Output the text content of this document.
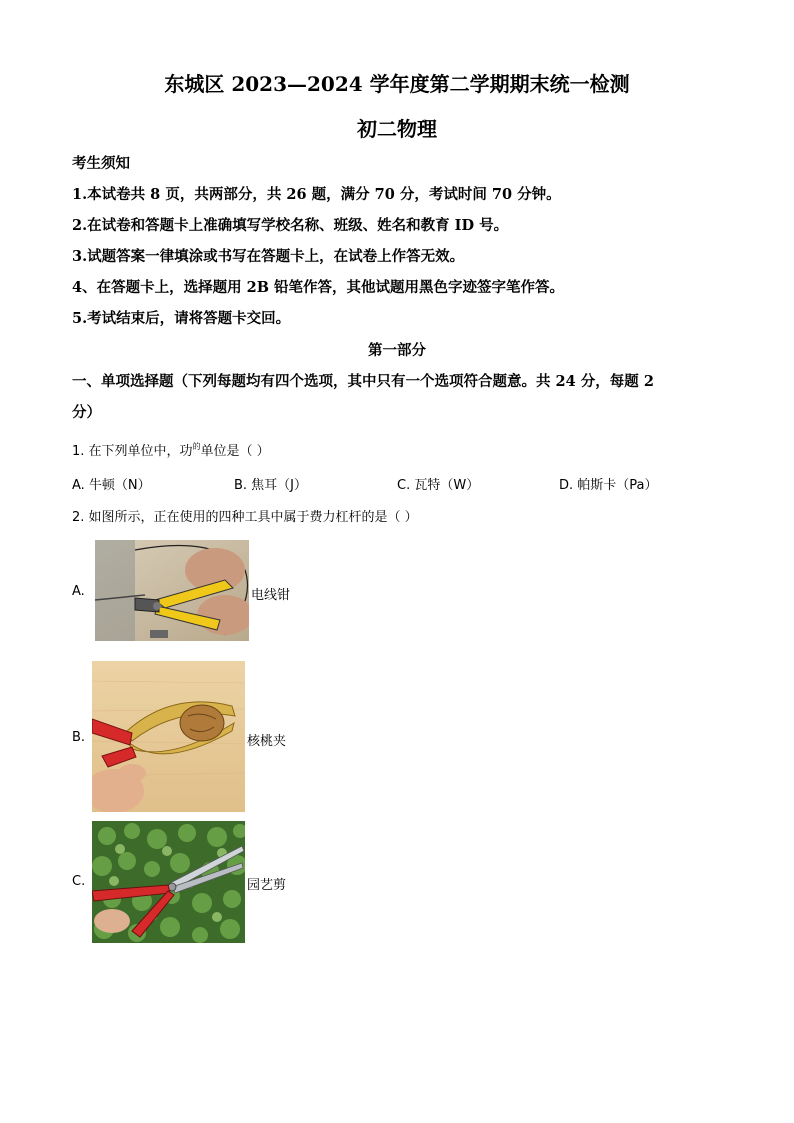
东城区 2023—2024 学年度第二学期期末统一检测
初二物理
考生须知
1.本试卷共 8 页，共两部分，共 26 题，满分 70 分，考试时间 70 分钟。
2.在试卷和答题卡上准确填写学校名称、班级、姓名和教育 ID 号。
3.试题答案一律填涂或书写在答题卡上，在试卷上作答无效。
4、在答题卡上，选择题用 2B 铅笔作答，其他试题用黑色字迹签字笔作答。
5.考试结束后，请将答题卡交回。
第一部分
一、单项选择题（下列每题均有四个选项，其中只有一个选项符合题意。共 24 分，每题 2
分）
1. 在下列单位中，功$^的$单位是（ ）
A. 牛顿（N）	B. 焦耳（J）	C. 瓦特（W）	D. 帕斯卡（Pa）
2. 如图所示，正在使用的四种工具中属于费力杠杆的是（ ）
A.	电线钳
B.	核桃夹
C.	园艺剪
